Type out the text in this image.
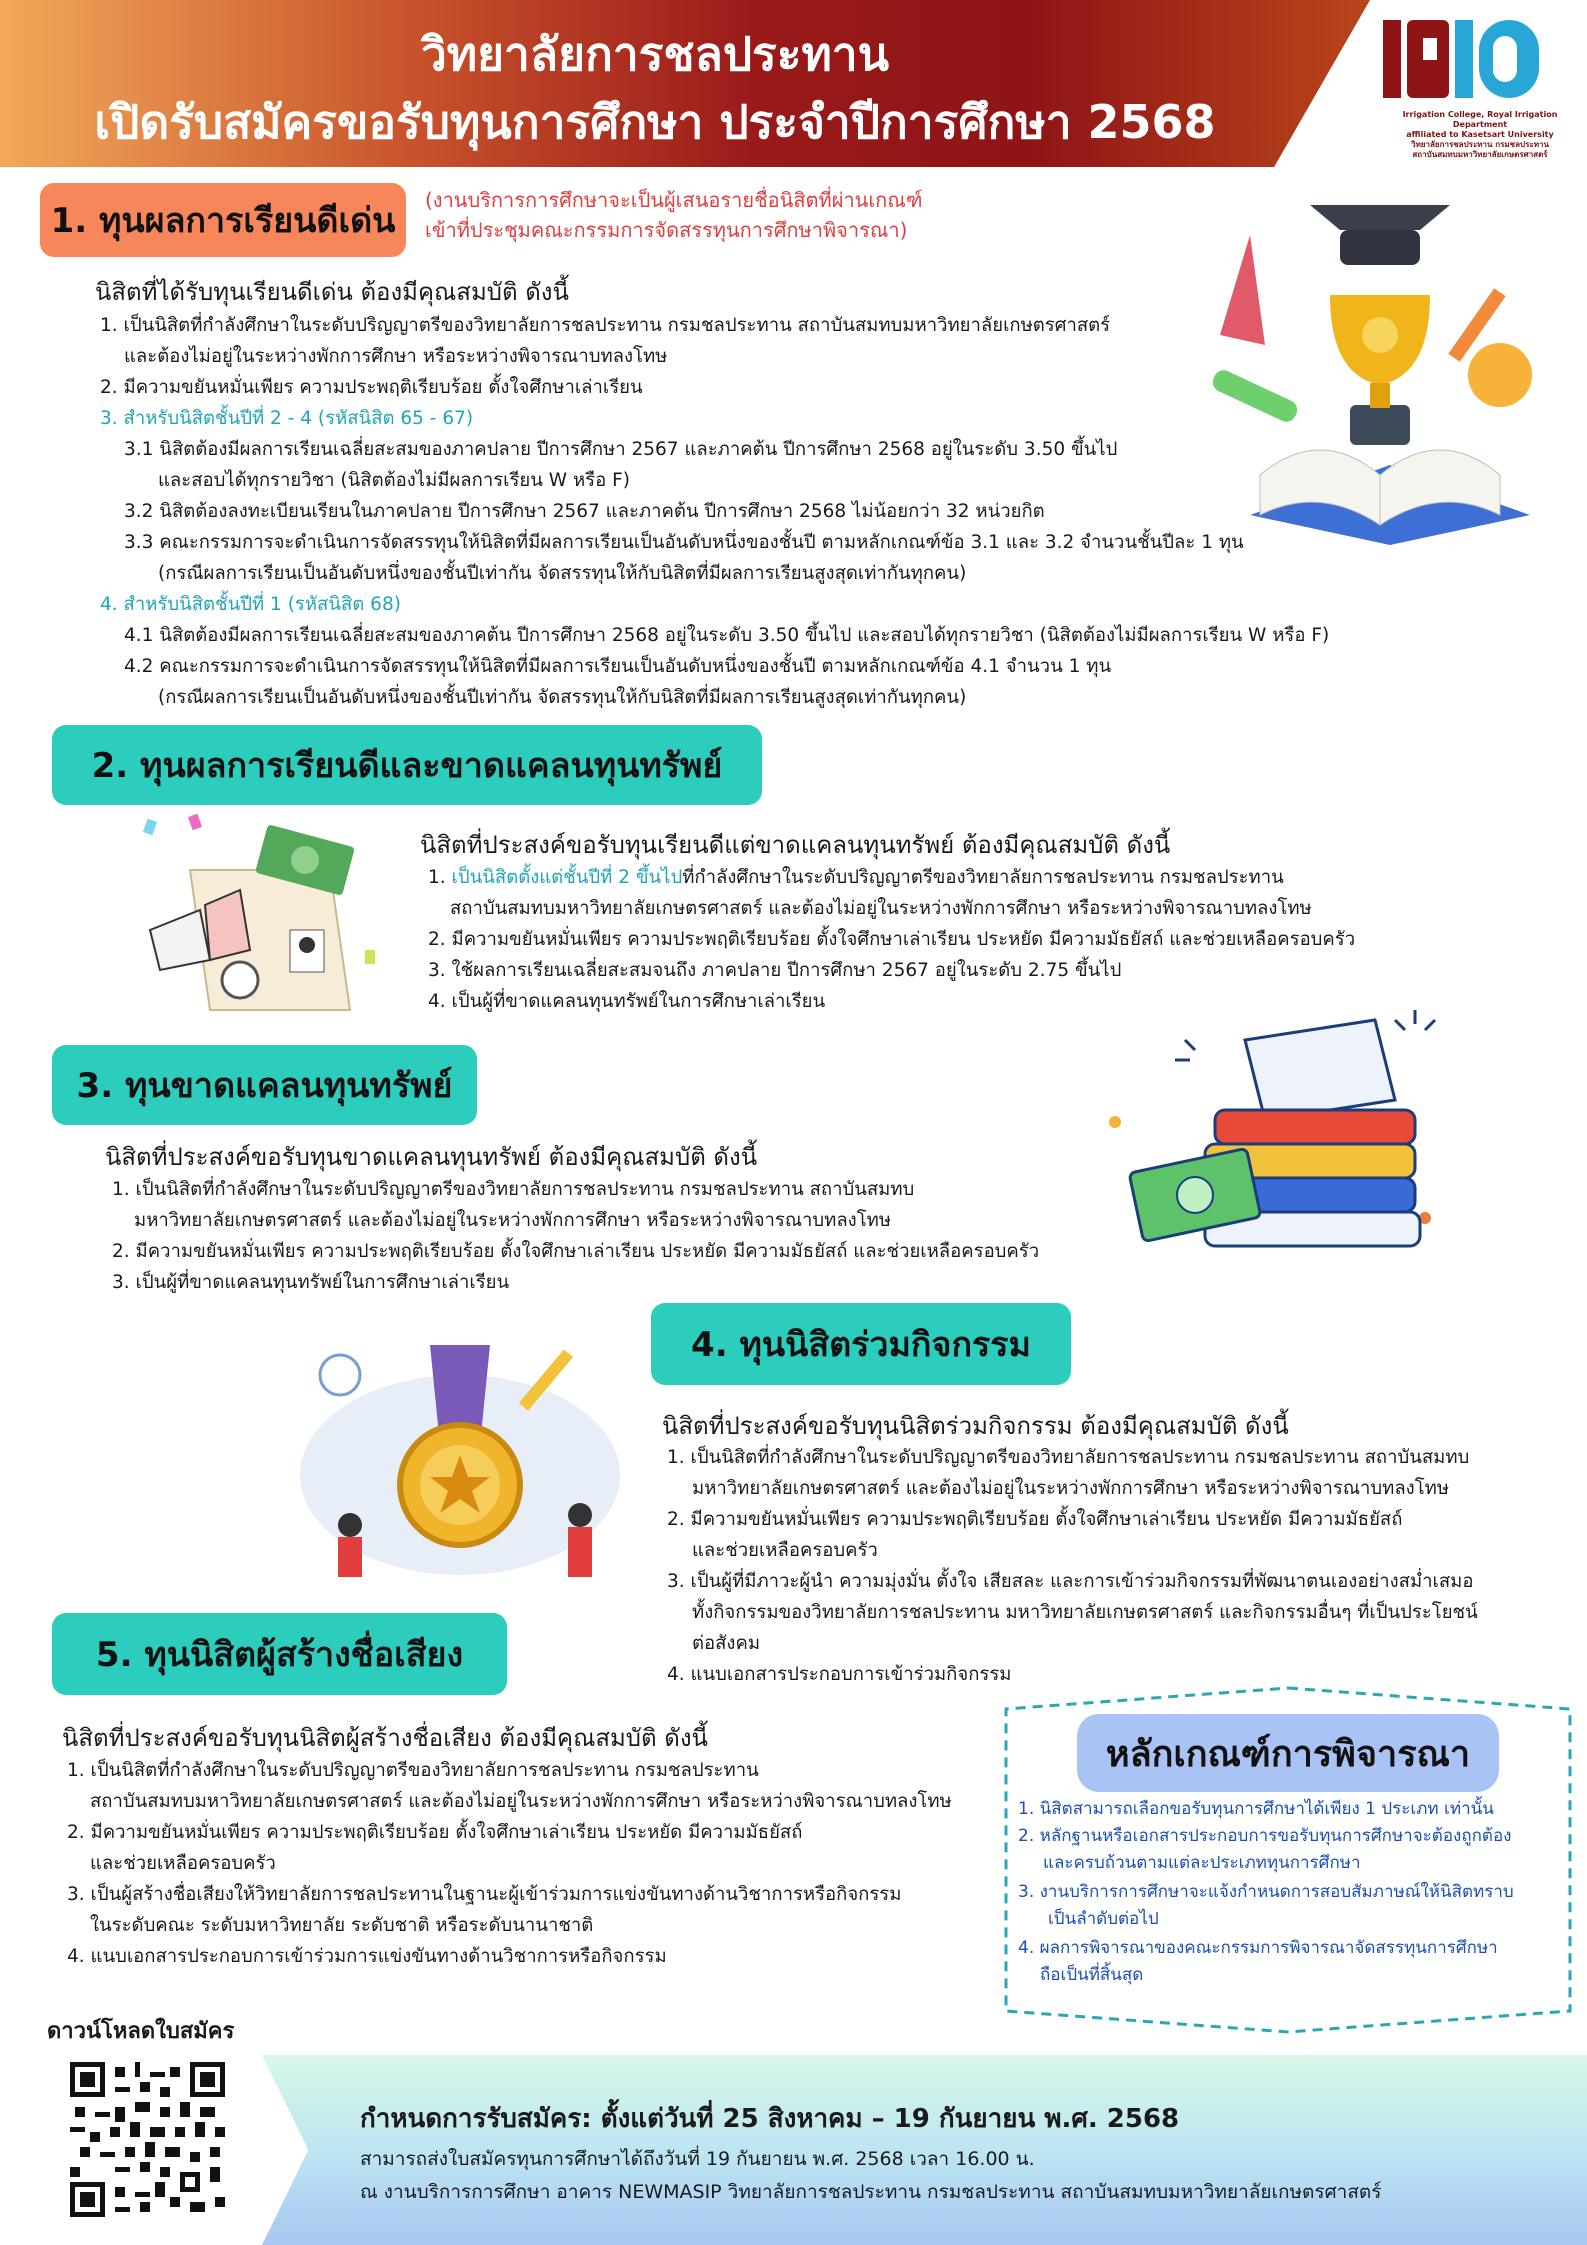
วิทยาลัยการชลประทาน
เปิดรับสมัครขอรับทุนการศึกษา ประจำปีการศึกษา 2568	Irrigation College, Royal Irrigation Department
affiliated to Kasetsart University
วิทยาลัยการชลประทาน กรมชลประทาน
สถาบันสมทบมหาวิทยาลัยเกษตรศาสตร์
1. ทุนผลการเรียนดีเด่น
(งานบริการการศึกษาจะเป็นผู้เสนอรายชื่อนิสิตที่ผ่านเกณฑ์
เข้าที่ประชุมคณะกรรมการจัดสรรทุนการศึกษาพิจารณา)
นิสิตที่ได้รับทุนเรียนดีเด่น ต้องมีคุณสมบัติ ดังนี้
1. เป็นนิสิตที่กำลังศึกษาในระดับปริญญาตรีของวิทยาลัยการชลประทาน กรมชลประทาน สถาบันสมทบมหาวิทยาลัยเกษตรศาสตร์
และต้องไม่อยู่ในระหว่างพักการศึกษา หรือระหว่างพิจารณาบทลงโทษ
2. มีความขยันหมั่นเพียร ความประพฤติเรียบร้อย ตั้งใจศึกษาเล่าเรียน
3. สำหรับนิสิตชั้นปีที่ 2 - 4 (รหัสนิสิต 65 - 67)
3.1 นิสิตต้องมีผลการเรียนเฉลี่ยสะสมของภาคปลาย ปีการศึกษา 2567 และภาคต้น ปีการศึกษา 2568 อยู่ในระดับ 3.50 ขึ้นไป
และสอบได้ทุกรายวิชา (นิสิตต้องไม่มีผลการเรียน W หรือ F)
3.2 นิสิตต้องลงทะเบียนเรียนในภาคปลาย ปีการศึกษา 2567 และภาคต้น ปีการศึกษา 2568 ไม่น้อยกว่า 32 หน่วยกิต
3.3 คณะกรรมการจะดำเนินการจัดสรรทุนให้นิสิตที่มีผลการเรียนเป็นอันดับหนึ่งของชั้นปี ตามหลักเกณฑ์ข้อ 3.1 และ 3.2 จำนวนชั้นปีละ 1 ทุน
(กรณีผลการเรียนเป็นอันดับหนึ่งของชั้นปีเท่ากัน จัดสรรทุนให้กับนิสิตที่มีผลการเรียนสูงสุดเท่ากันทุกคน)
4. สำหรับนิสิตชั้นปีที่ 1 (รหัสนิสิต 68)
4.1 นิสิตต้องมีผลการเรียนเฉลี่ยสะสมของภาคต้น ปีการศึกษา 2568 อยู่ในระดับ 3.50 ขึ้นไป และสอบได้ทุกรายวิชา (นิสิตต้องไม่มีผลการเรียน W หรือ F)
4.2 คณะกรรมการจะดำเนินการจัดสรรทุนให้นิสิตที่มีผลการเรียนเป็นอันดับหนึ่งของชั้นปี ตามหลักเกณฑ์ข้อ 4.1 จำนวน 1 ทุน
(กรณีผลการเรียนเป็นอันดับหนึ่งของชั้นปีเท่ากัน จัดสรรทุนให้กับนิสิตที่มีผลการเรียนสูงสุดเท่ากันทุกคน)
2. ทุนผลการเรียนดีและขาดแคลนทุนทรัพย์
นิสิตที่ประสงค์ขอรับทุนเรียนดีแต่ขาดแคลนทุนทรัพย์ ต้องมีคุณสมบัติ ดังนี้
1. เป็นนิสิตตั้งแต่ชั้นปีที่ 2 ขึ้นไปที่กำลังศึกษาในระดับปริญญาตรีของวิทยาลัยการชลประทาน กรมชลประทาน
สถาบันสมทบมหาวิทยาลัยเกษตรศาสตร์ และต้องไม่อยู่ในระหว่างพักการศึกษา หรือระหว่างพิจารณาบทลงโทษ
2. มีความขยันหมั่นเพียร ความประพฤติเรียบร้อย ตั้งใจศึกษาเล่าเรียน ประหยัด มีความมัธยัสถ์ และช่วยเหลือครอบครัว
3. ใช้ผลการเรียนเฉลี่ยสะสมจนถึง ภาคปลาย ปีการศึกษา 2567 อยู่ในระดับ 2.75 ขึ้นไป
4. เป็นผู้ที่ขาดแคลนทุนทรัพย์ในการศึกษาเล่าเรียน
3. ทุนขาดแคลนทุนทรัพย์
นิสิตที่ประสงค์ขอรับทุนขาดแคลนทุนทรัพย์ ต้องมีคุณสมบัติ ดังนี้
1. เป็นนิสิตที่กำลังศึกษาในระดับปริญญาตรีของวิทยาลัยการชลประทาน กรมชลประทาน สถาบันสมทบ
มหาวิทยาลัยเกษตรศาสตร์ และต้องไม่อยู่ในระหว่างพักการศึกษา หรือระหว่างพิจารณาบทลงโทษ
2. มีความขยันหมั่นเพียร ความประพฤติเรียบร้อย ตั้งใจศึกษาเล่าเรียน ประหยัด มีความมัธยัสถ์ และช่วยเหลือครอบครัว
3. เป็นผู้ที่ขาดแคลนทุนทรัพย์ในการศึกษาเล่าเรียน
4. ทุนนิสิตร่วมกิจกรรม
นิสิตที่ประสงค์ขอรับทุนนิสิตร่วมกิจกรรม ต้องมีคุณสมบัติ ดังนี้
1. เป็นนิสิตที่กำลังศึกษาในระดับปริญญาตรีของวิทยาลัยการชลประทาน กรมชลประทาน สถาบันสมทบ
มหาวิทยาลัยเกษตรศาสตร์ และต้องไม่อยู่ในระหว่างพักการศึกษา หรือระหว่างพิจารณาบทลงโทษ
2. มีความขยันหมั่นเพียร ความประพฤติเรียบร้อย ตั้งใจศึกษาเล่าเรียน ประหยัด มีความมัธยัสถ์
และช่วยเหลือครอบครัว
3. เป็นผู้ที่มีภาวะผู้นำ ความมุ่งมั่น ตั้งใจ เสียสละ และการเข้าร่วมกิจกรรมที่พัฒนาตนเองอย่างสม่ำเสมอ
ทั้งกิจกรรมของวิทยาลัยการชลประทาน มหาวิทยาลัยเกษตรศาสตร์ และกิจกรรมอื่นๆ ที่เป็นประโยชน์
ต่อสังคม
4. แนบเอกสารประกอบการเข้าร่วมกิจกรรม
5. ทุนนิสิตผู้สร้างชื่อเสียง
นิสิตที่ประสงค์ขอรับทุนนิสิตผู้สร้างชื่อเสียง ต้องมีคุณสมบัติ ดังนี้
1. เป็นนิสิตที่กำลังศึกษาในระดับปริญญาตรีของวิทยาลัยการชลประทาน กรมชลประทาน
สถาบันสมทบมหาวิทยาลัยเกษตรศาสตร์ และต้องไม่อยู่ในระหว่างพักการศึกษา หรือระหว่างพิจารณาบทลงโทษ
2. มีความขยันหมั่นเพียร ความประพฤติเรียบร้อย ตั้งใจศึกษาเล่าเรียน ประหยัด มีความมัธยัสถ์
และช่วยเหลือครอบครัว
3. เป็นผู้สร้างชื่อเสียงให้วิทยาลัยการชลประทานในฐานะผู้เข้าร่วมการแข่งขันทางด้านวิชาการหรือกิจกรรม
ในระดับคณะ ระดับมหาวิทยาลัย ระดับชาติ หรือระดับนานาชาติ
4. แนบเอกสารประกอบการเข้าร่วมการแข่งขันทางด้านวิชาการหรือกิจกรรม
หลักเกณฑ์การพิจารณา
1. นิสิตสามารถเลือกขอรับทุนการศึกษาได้เพียง 1 ประเภท เท่านั้น
2. หลักฐานหรือเอกสารประกอบการขอรับทุนการศึกษาจะต้องถูกต้อง
และครบถ้วนตามแต่ละประเภททุนการศึกษา
3. งานบริการการศึกษาจะแจ้งกำหนดการสอบสัมภาษณ์ให้นิสิตทราบ
เป็นลำดับต่อไป
4. ผลการพิจารณาของคณะกรรมการพิจารณาจัดสรรทุนการศึกษา
ถือเป็นที่สิ้นสุด
ดาวน์โหลดใบสมัคร
กำหนดการรับสมัคร: ตั้งแต่วันที่ 25 สิงหาคม – 19 กันยายน พ.ศ. 2568
สามารถส่งใบสมัครทุนการศึกษาได้ถึงวันที่ 19 กันยายน พ.ศ. 2568 เวลา 16.00 น.
ณ งานบริการการศึกษา อาคาร NEWMASIP วิทยาลัยการชลประทาน กรมชลประทาน สถาบันสมทบมหาวิทยาลัยเกษตรศาสตร์
